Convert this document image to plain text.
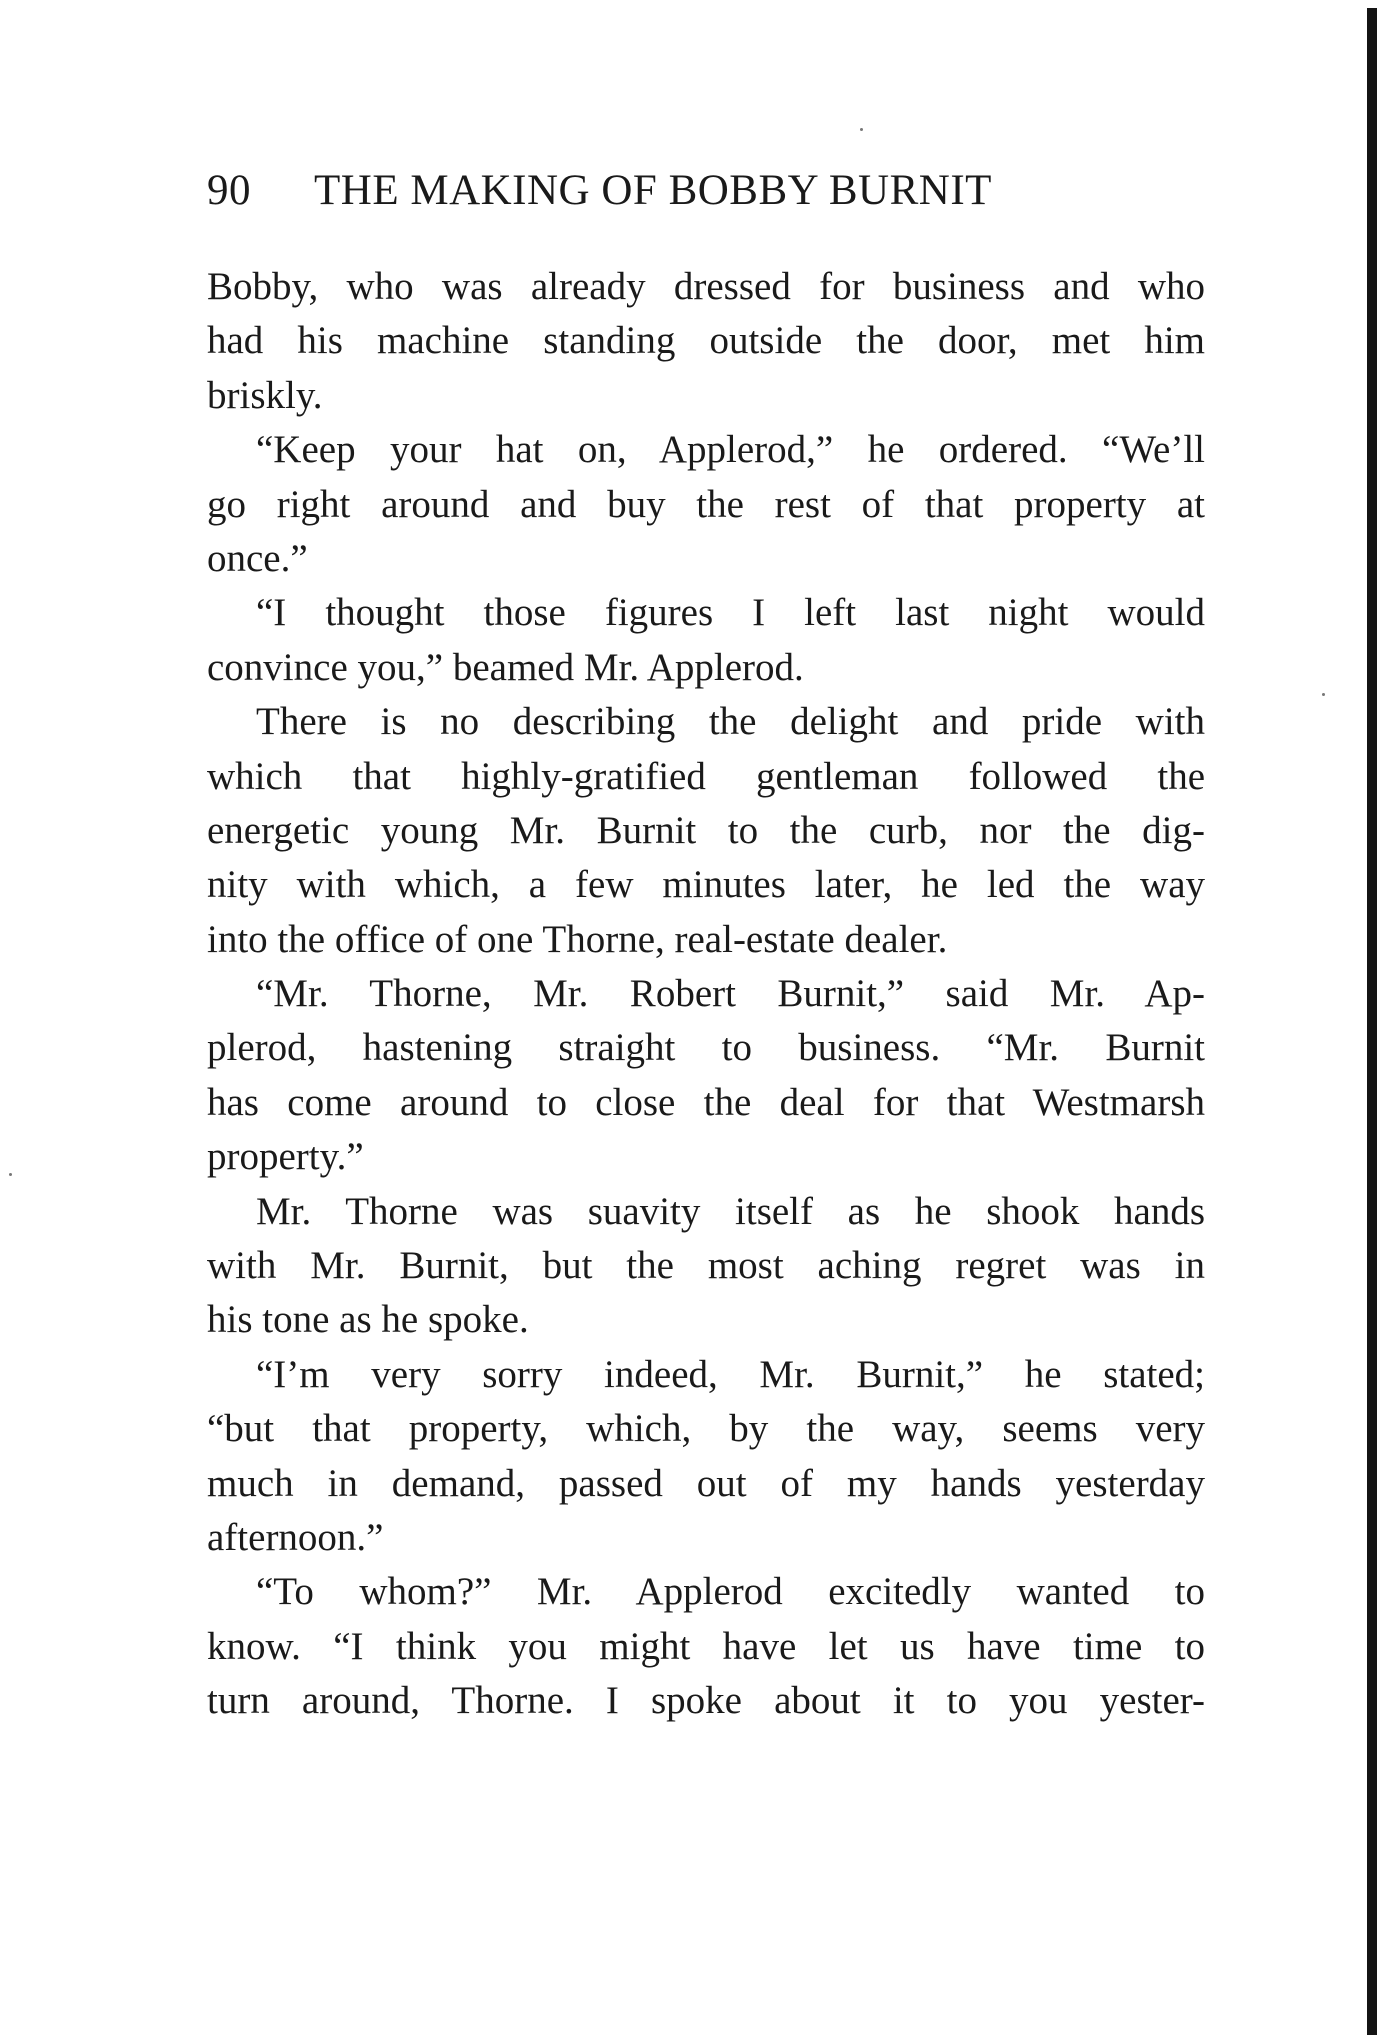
90 THE MAKING OF BOBBY BURNIT
Bobby, who was already dressed for business and who
had his machine standing outside the door, met him
briskly.
“Keep your hat on, Applerod,” he ordered. “We’ll
go right around and buy the rest of that property at
once.”
“I thought those figures I left last night would
convince you,” beamed Mr. Applerod.
There is no describing the delight and pride with
which that highly-gratified gentleman followed the
energetic young Mr. Burnit to the curb, nor the dig-
nity with which, a few minutes later, he led the way
into the office of one Thorne, real-estate dealer.
“Mr. Thorne, Mr. Robert Burnit,” said Mr. Ap-
plerod, hastening straight to business. “Mr. Burnit
has come around to close the deal for that Westmarsh
property.”
Mr. Thorne was suavity itself as he shook hands
with Mr. Burnit, but the most aching regret was in
his tone as he spoke.
“I’m very sorry indeed, Mr. Burnit,” he stated;
“but that property, which, by the way, seems very
much in demand, passed out of my hands yesterday
afternoon.”
“To whom?” Mr. Applerod excitedly wanted to
know. “I think you might have let us have time to
turn around, Thorne. I spoke about it to you yester-
